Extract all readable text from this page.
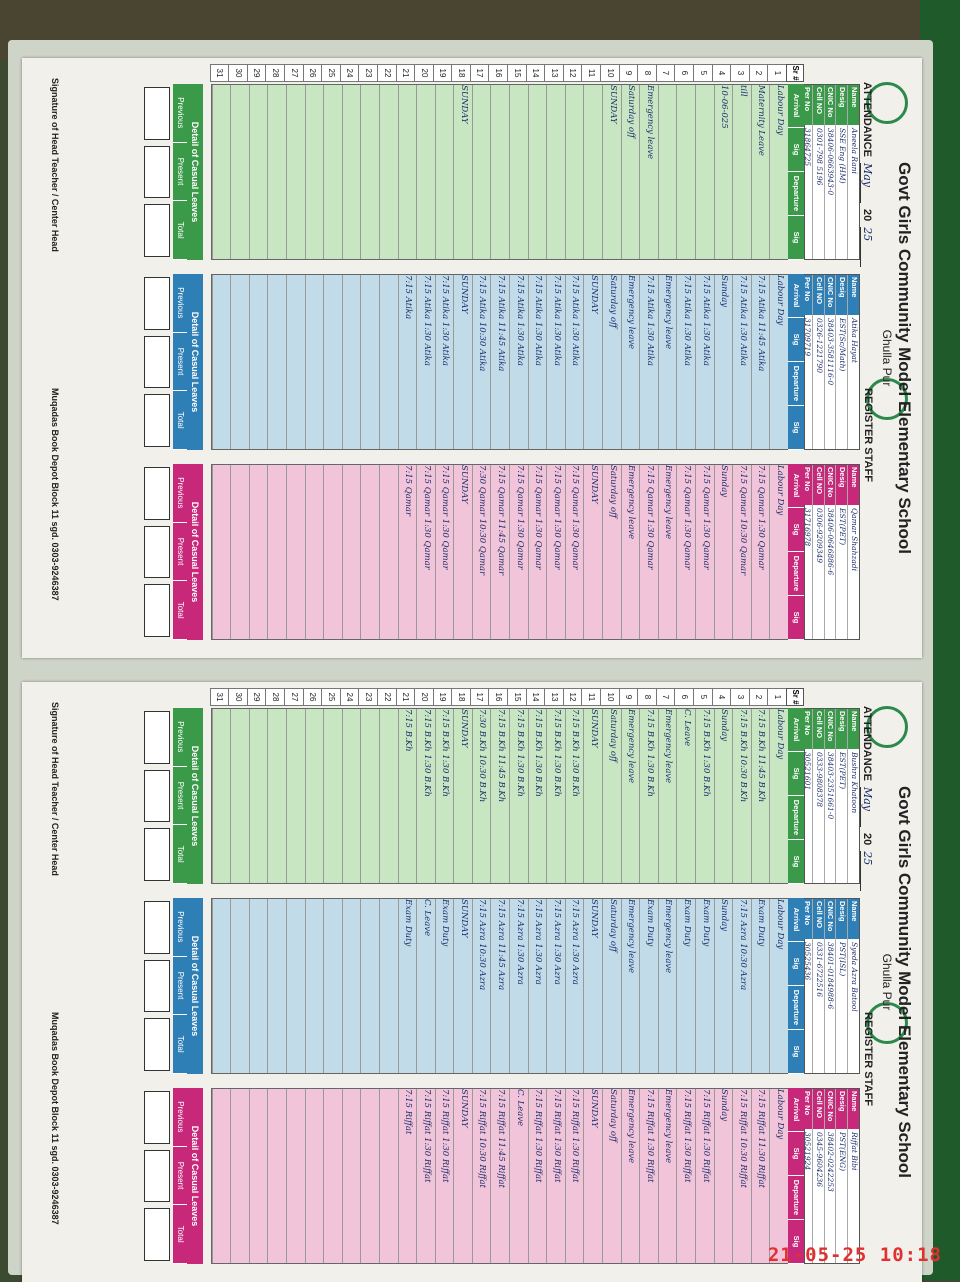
Govt Girls Community Model Elementary School
Ghulla Pur
ATTENDANCEMay2025
REGISTER STAFF
Sr #
1
2
3
4
5
6
7
8
9
10
11
12
13
14
15
16
17
18
19
20
21
22
23
24
25
26
27
28
29
30
31
Name
Aneela Rani
Desig
SSE Eng (HM)
CNIC No
38406-0663943-0
Cell NO
0301-798 5196
Per No
31864725
Arrival
Sig
Departure
Sig
Labour Day
Maternity Leave
till
10-06-025
Emergency leave
Saturday off
SUNDAY
SUNDAY
Detail of Casual Leaves
Previous
Present
Total
Name
Atika Hayat
Desig
EST(Sc/Math)
CNIC No
38403-3581116-0
Cell NO
0326-1221790
Per No
31709719
Arrival
Sig
Departure
Sig
Labour Day
7:15 Atika 11:45 Atika
7:15 Atika 1:30 Atika
Sunday
7:15 Atika 1:30 Atika
7:15 Atika 1:30 Atika
Emergency leave
7:15 Atika 1:30 Atika
Emergency leave
Saturday off
SUNDAY
7:15 Atika 1:30 Atika
7:15 Atika 1:30 Atika
7:15 Atika 1:30 Atika
7:15 Atika 1:30 Atika
7:15 Atika 11:45 Atika
7:15 Atika 10:30 Atika
SUNDAY
7:15 Atika 1:30 Atika
7:15 Atika 1:30 Atika
7:15 Atika
Detail of Casual Leaves
Previous
Present
Total
Name
Qamar Shahzadi
Desig
EST(PET)
CNIC No
38406-0646886-6
Cell NO
0306-9209349
Per No
31716978
Arrival
Sig
Departure
Sig
Labour Day
7:15 Qamar 1:30 Qamar
7:15 Qamar 10:30 Qamar
Sunday
7:15 Qamar 1:30 Qamar
7:15 Qamar 1:30 Qamar
Emergency leave
7:15 Qamar 1:30 Qamar
Emergency leave
Saturday off
SUNDAY
7:15 Qamar 1:30 Qamar
7:15 Qamar 1:30 Qamar
7:15 Qamar 1:30 Qamar
7:15 Qamar 1:30 Qamar
7:15 Qamar 11:45 Qamar
7:30 Qamar 10:30 Qamar
SUNDAY
7:15 Qamar 1:30 Qamar
7:15 Qamar 1:30 Qamar
7:15 Qamar
Detail of Casual Leaves
Previous
Present
Total
Signature of Head Teacher / Center Head
Muqadas Book Depot Block 11 sgd. 0303-9246387
Govt Girls Community Model Elementary School
Ghulla Pur
ATTENDANCEMay2025
REGISTER STAFF
Sr #
1
2
3
4
5
6
7
8
9
10
11
12
13
14
15
16
17
18
19
20
21
22
23
24
25
26
27
28
29
30
31
Name
Bushra Khatoon
Desig
EST(PET)
CNIC No
38403-2351661-0
Cell NO
0333-9808378
Per No
30521601
Arrival
Sig
Departure
Sig
Labour Day
7:15 B.Kh 11:45 B.Kh
7:15 B.Kh 10:30 B.Kh
Sunday
7:15 B.Kh 1:30 B.Kh
C. Leave
Emergency leave
7:15 B.Kh 1:30 B.Kh
Emergency leave
Saturday off
SUNDAY
7:15 B.Kh 1:30 B.Kh
7:15 B.Kh 1:30 B.Kh
7:15 B.Kh 1:30 B.Kh
7:15 B.Kh 1:30 B.Kh
7:15 B.Kh 11:45 B.Kh
7:30 B.Kh 10:30 B.Kh
SUNDAY
7:15 B.Kh 1:30 B.Kh
7:15 B.Kh 1:30 B.Kh
7:15 B.Kh
Detail of Casual Leaves
Previous
Present
Total
Name
Syeda Azra Batool
Desig
PST(ISL)
CNIC No
38401-0184988-6
Cell NO
0331-6722516
Per No
30525436
Arrival
Sig
Departure
Sig
Labour Day
Exam Duty
7:15 Azra 10:30 Azra
Sunday
Exam Duty
Exam Duty
Emergency leave
Exam Duty
Emergency leave
Saturday off
SUNDAY
7:15 Azra 1:30 Azra
7:15 Azra 1:30 Azra
7:15 Azra 1:30 Azra
7:15 Azra 1:30 Azra
7:15 Azra 11:45 Azra
7:15 Azra 10:30 Azra
SUNDAY
Exam Duty
C. Leave
Exam Duty
Detail of Casual Leaves
Previous
Present
Total
Name
Riffat Bibi
Desig
PST(ENG)
CNIC No
38402-0242253
Cell NO
0345-9604236
Per No
30521924
Arrival
Sig
Departure
Sig
Labour Day
7:15 Riffat 11:30 Riffat
7:15 Riffat 10:30 Riffat
Sunday
7:15 Riffat 1:30 Riffat
7:15 Riffat 1:30 Riffat
Emergency leave
7:15 Riffat 1:30 Riffat
Emergency leave
Saturday off
SUNDAY
7:15 Riffat 1:30 Riffat
7:15 Riffat 1:30 Riffat
7:15 Riffat 1:30 Riffat
C. Leave
7:15 Riffat 11:45 Riffat
7:15 Riffat 10:30 Riffat
SUNDAY
7:15 Riffat 1:30 Riffat
7:15 Riffat 1:30 Riffat
7:15 Riffat
Detail of Casual Leaves
Previous
Present
Total
Signature of Head Teacher / Center Head
Muqadas Book Depot Block 11 sgd. 0303-9246387
21-05-25 10:18
